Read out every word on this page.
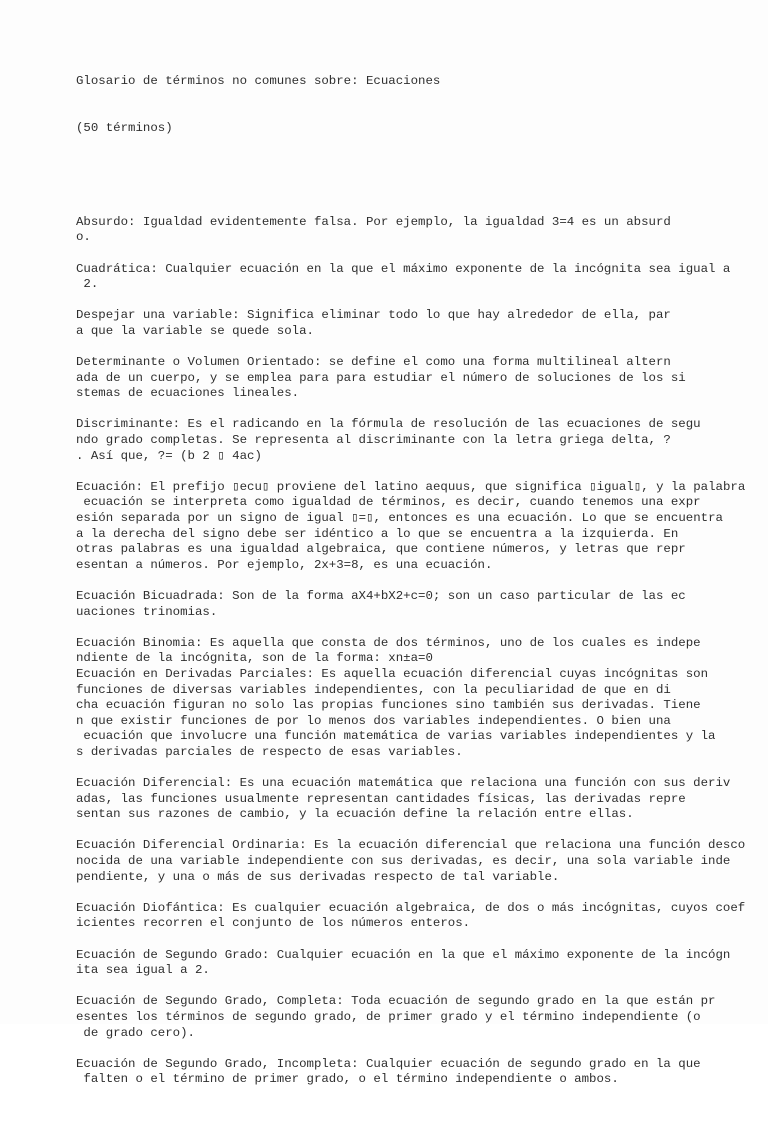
Glosario de términos no comunes sobre: Ecuaciones

(50 términos)

Absurdo: Igualdad evidentemente falsa. Por ejemplo, la igualdad 3=4 es un absurd
o.
Cuadrática: Cualquier ecuación en la que el máximo exponente de la incógnita sea igual a
2.
Despejar una variable: Significa eliminar todo lo que hay alrededor de ella, par
a que la variable se quede sola.
Determinante o Volumen Orientado: se define el como una forma multilineal altern
ada de un cuerpo, y se emplea para para estudiar el número de soluciones de los si
stemas de ecuaciones lineales.
Discriminante: Es el radicando en la fórmula de resolución de las ecuaciones de segu
ndo grado completas. Se representa al discriminante con la letra griega delta, ?
. Así que, ?= (b 2 ▯ 4ac)
Ecuación: El prefijo ▯ecu▯ proviene del latino aequus, que significa ▯igual▯, y la palabra
ecuación se interpreta como igualdad de términos, es decir, cuando tenemos una expr
esión separada por un signo de igual ▯=▯, entonces es una ecuación. Lo que se encuentra
a la derecha del signo debe ser idéntico a lo que se encuentra a la izquierda. En
otras palabras es una igualdad algebraica, que contiene números, y letras que repr
esentan a números. Por ejemplo, 2x+3=8, es una ecuación.
Ecuación Bicuadrada: Son de la forma aX4+bX2+c=0; son un caso particular de las ec
uaciones trinomias.
Ecuación Binomia: Es aquella que consta de dos términos, uno de los cuales es indepe
ndiente de la incógnita, son de la forma: xn±a=0
Ecuación en Derivadas Parciales: Es aquella ecuación diferencial cuyas incógnitas son
funciones de diversas variables independientes, con la peculiaridad de que en di
cha ecuación figuran no solo las propias funciones sino también sus derivadas. Tiene
n que existir funciones de por lo menos dos variables independientes. O bien una
ecuación que involucre una función matemática de varias variables independientes y la
s derivadas parciales de respecto de esas variables.
Ecuación Diferencial: Es una ecuación matemática que relaciona una función con sus deriv
adas, las funciones usualmente representan cantidades físicas, las derivadas repre
sentan sus razones de cambio, y la ecuación define la relación entre ellas.
Ecuación Diferencial Ordinaria: Es la ecuación diferencial que relaciona una función desco
nocida de una variable independiente con sus derivadas, es decir, una sola variable inde
pendiente, y una o más de sus derivadas respecto de tal variable.
Ecuación Diofántica: Es cualquier ecuación algebraica, de dos o más incógnitas, cuyos coef
icientes recorren el conjunto de los números enteros.
Ecuación de Segundo Grado: Cualquier ecuación en la que el máximo exponente de la incógn
ita sea igual a 2.
Ecuación de Segundo Grado, Completa: Toda ecuación de segundo grado en la que están pr
esentes los términos de segundo grado, de primer grado y el término independiente (o
de grado cero).
Ecuación de Segundo Grado, Incompleta: Cualquier ecuación de segundo grado en la que
falten o el término de primer grado, o el término independiente o ambos.
